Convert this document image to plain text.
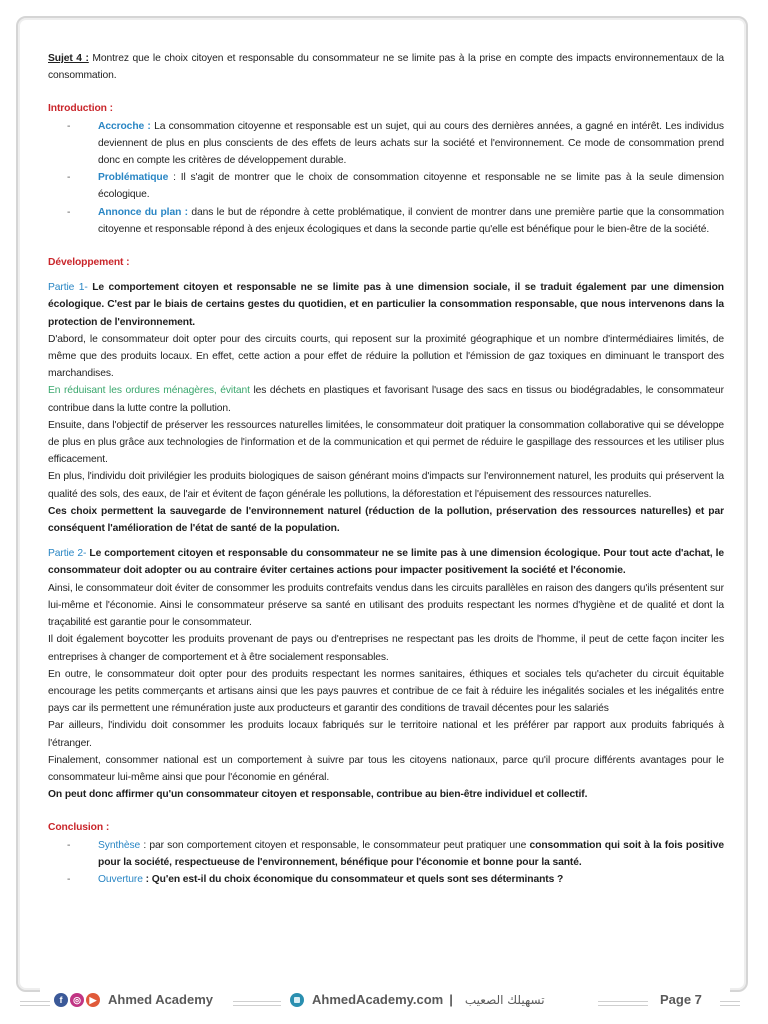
Sujet 4 : Montrez que le choix citoyen et responsable du consommateur ne se limite pas à la prise en compte des impacts environnementaux de la consommation.

Introduction :

- Accroche : La consommation citoyenne et responsable est un sujet, qui au cours des dernières années, a gagné en intérêt. Les individus deviennent de plus en plus conscients de des effets de leurs achats sur la société et l'environnement. Ce mode de consommation prend donc en compte les critères de développement durable.
- Problématique : Il s'agit de montrer que le choix de consommation citoyenne et responsable ne se limite pas à la seule dimension écologique.
- Annonce du plan : dans le but de répondre à cette problématique, il convient de montrer dans une première partie que la consommation citoyenne et responsable répond à des enjeux écologiques et dans la seconde partie qu'elle est bénéfique pour le bien-être de la société.

Développement :

Partie 1- Le comportement citoyen et responsable ne se limite pas à une dimension sociale, il se traduit également par une dimension écologique. C'est par le biais de certains gestes du quotidien, et en particulier la consommation responsable, que nous intervenons dans la protection de l'environnement.

D'abord, le consommateur doit opter pour des circuits courts, qui reposent sur la proximité géographique et un nombre d'intermédiaires limités, de même que des produits locaux. En effet, cette action a pour effet de réduire la pollution et l'émission de gaz toxiques en diminuant le transport des marchandises.

En réduisant les ordures ménagères, évitant les déchets en plastiques et favorisant l'usage des sacs en tissus ou biodégradables, le consommateur contribue dans la lutte contre la pollution.

Ensuite, dans l'objectif de préserver les ressources naturelles limitées, le consommateur doit pratiquer la consommation collaborative qui se développe de plus en plus grâce aux technologies de l'information et de la communication et qui permet de réduire le gaspillage des ressources et les utiliser plus efficacement.

En plus, l'individu doit privilégier les produits biologiques de saison générant moins d'impacts sur l'environnement naturel, les produits qui préservent la qualité des sols, des eaux, de l'air et évitent de façon générale les pollutions, la déforestation et l'épuisement des ressources naturelles.

Ces choix permettent la sauvegarde de l'environnement naturel (réduction de la pollution, préservation des ressources naturelles) et par conséquent l'amélioration de l'état de santé de la population.

Partie 2- Le comportement citoyen et responsable du consommateur ne se limite pas à une dimension écologique. Pour tout acte d'achat, le consommateur doit adopter ou au contraire éviter certaines actions pour impacter positivement la société et l'économie.

Ainsi, le consommateur doit éviter de consommer les produits contrefaits vendus dans les circuits parallèles en raison des dangers qu'ils présentent sur lui-même et l'économie. Ainsi le consommateur préserve sa santé en utilisant des produits respectant les normes d'hygiène et de qualité et dont la traçabilité est garantie pour le consommateur.

Il doit également boycotter les produits provenant de pays ou d'entreprises ne respectant pas les droits de l'homme, il peut de cette façon inciter les entreprises à changer de comportement et à être socialement responsables.

En outre, le consommateur doit opter pour des produits respectant les normes sanitaires, éthiques et sociales tels qu'acheter du circuit équitable encourage les petits commerçants et artisans ainsi que les pays pauvres et contribue de ce fait à réduire les inégalités sociales et les inégalités entre pays car ils permettent une rémunération juste aux producteurs et garantir des conditions de travail décentes pour les salariés

Par ailleurs, l'individu doit consommer les produits locaux fabriqués sur le territoire national et les préférer par rapport aux produits fabriqués à l'étranger.

Finalement, consommer national est un comportement à suivre par tous les citoyens nationaux, parce qu'il procure différents avantages pour le consommateur lui-même ainsi que pour l'économie en général.

On peut donc affirmer qu'un consommateur citoyen et responsable, contribue au bien-être individuel et collectif.

Conclusion :

- Synthèse : par son comportement citoyen et responsable, le consommateur peut pratiquer une consommation qui soit à la fois positive pour la société, respectueuse de l'environnement, bénéfique pour l'économie et bonne pour la santé.
- Ouverture : Qu'en est-il du choix économique du consommateur et quels sont ses déterminants ?
f	◎ ▶ Ahmed Academy	AhmedAcademy.com | تسهيلك الصعيب	Page 7
